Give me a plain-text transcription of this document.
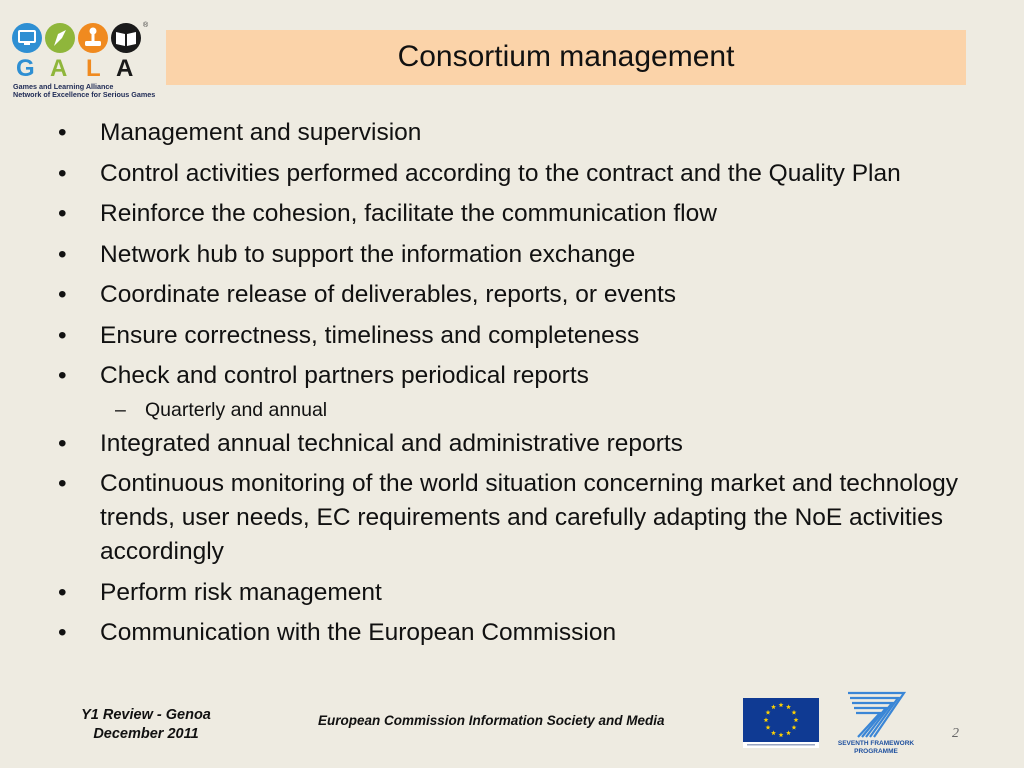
®
G A L A
Games and Learning Alliance
Network of Excellence for Serious Games
Consortium management
•	Management and supervision
•	Control activities performed according to the contract and the Quality Plan
•	Reinforce the cohesion, facilitate the communication flow
•	Network hub to support the information exchange
•	Coordinate release of deliverables, reports, or events
•	Ensure correctness, timeliness and completeness
•	Check and control partners periodical reports
– Quarterly and annual
•	Integrated annual technical and administrative reports
•	Continuous monitoring of the world situation concerning market and technology trends, user needs, EC requirements and carefully adapting the NoE activities accordingly
•	Perform risk management
•	Communication with the European Commission
Y1 Review - Genoa
December 2011
European Commission Information Society and Media
SEVENTH FRAMEWORK
PROGRAMME
2
